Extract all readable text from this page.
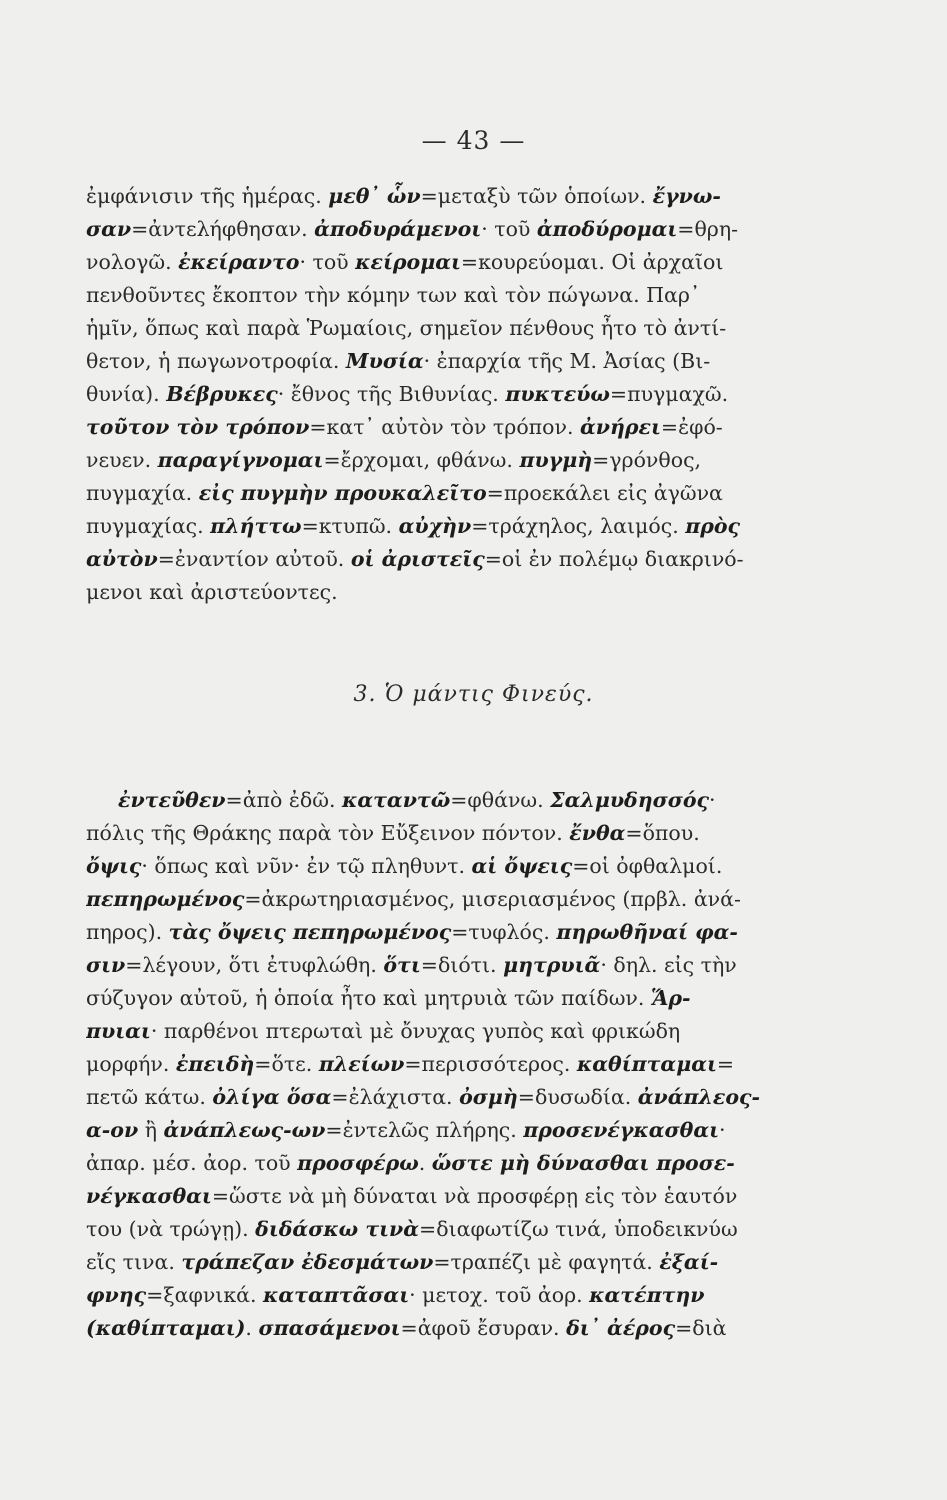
— 43 —
ἐμφάνισιν τῆς ἡμέρας. μεθ᾽ ὧν=μεταξὺ τῶν ὁποίων. ἔγνω-
σαν=ἀντελήφθησαν. ἀποδυράμενοι· τοῦ ἀποδύρομαι=θρη-
νολογῶ. ἐκείραντο· τοῦ κείρομαι=κουρεύομαι. Οἱ ἀρχαῖοι
πενθοῦντες ἔκοπτον τὴν κόμην των καὶ τὸν πώγωνα. Παρ᾽
ἡμῖν, ὅπως καὶ παρὰ Ῥωμαίοις, σημεῖον πένθους ἦτο τὸ ἀντί-
θετον, ἡ πωγωνοτροφία. Μυσία· ἐπαρχία τῆς Μ. Ἀσίας (Βι-
θυνία). Βέβρυκες· ἔθνος τῆς Βιθυνίας. πυκτεύω=πυγμαχῶ.
τοῦτον τὸν τρόπον=κατ᾽ αὐτὸν τὸν τρόπον. ἀνήρει=ἐφό-
νευεν. παραγίγνομαι=ἔρχομαι, φθάνω. πυγμὴ=γρόνθος,
πυγμαχία. εἰς πυγμὴν προυκαλεῖτο=προεκάλει εἰς ἀγῶνα
πυγμαχίας. πλήττω=κτυπῶ. αὐχὴν=τράχηλος, λαιμός. πρὸς
αὐτὸν=ἐναντίον αὐτοῦ. οἱ ἀριστεῖς=οἱ ἐν πολέμῳ διακρινό-
μενοι καὶ ἀριστεύοντες.
3. Ὁ μάντις Φινεύς.
ἐντεῦθεν=ἀπὸ ἐδῶ. καταντῶ=φθάνω. Σαλμυδησσός·
πόλις τῆς Θράκης παρὰ τὸν Εὔξεινον πόντον. ἔνθα=ὅπου.
ὄψις· ὅπως καὶ νῦν· ἐν τῷ πληθυντ. αἱ ὄψεις=οἱ ὀφθαλμοί.
πεπηρωμένος=ἀκρωτηριασμένος, μισεριασμένος (πρβλ. ἀνά-
πηρος). τὰς ὄψεις πεπηρωμένος=τυφλός. πηρωθῆναί φα-
σιν=λέγουν, ὅτι ἐτυφλώθη. ὅτι=διότι. μητρυιᾶ· δηλ. εἰς τὴν
σύζυγον αὐτοῦ, ἡ ὁποία ἦτο καὶ μητρυιὰ τῶν παίδων. Ἅρ-
πυιαι· παρθένοι πτερωταὶ μὲ ὄνυχας γυπὸς καὶ φρικώδη
μορφήν. ἐπειδὴ=ὅτε. πλείων=περισσότερος. καθίπταμαι=
πετῶ κάτω. ὀλίγα ὅσα=ἐλάχιστα. ὀσμὴ=δυσωδία. ἀνάπλεος-
α-ον ἢ ἀνάπλεως-ων=ἐντελῶς πλήρης. προσενέγκασθαι·
ἀπαρ. μέσ. ἀορ. τοῦ προσφέρω. ὥστε μὴ δύνασθαι προσε-
νέγκασθαι=ὥστε νὰ μὴ δύναται νὰ προσφέρῃ εἰς τὸν ἑαυτόν
του (νὰ τρώγῃ). διδάσκω τινὰ=διαφωτίζω τινά, ὑποδεικνύω
εἴς τινα. τράπεζαν ἐδεσμάτων=τραπέζι μὲ φαγητά. ἐξαί-
φνης=ξαφνικά. καταπτᾶσαι· μετοχ. τοῦ ἀορ. κατέπτην
(καθίπταμαι). σπασάμενοι=ἀφοῦ ἔσυραν. δι᾽ ἀέρος=διὰ
